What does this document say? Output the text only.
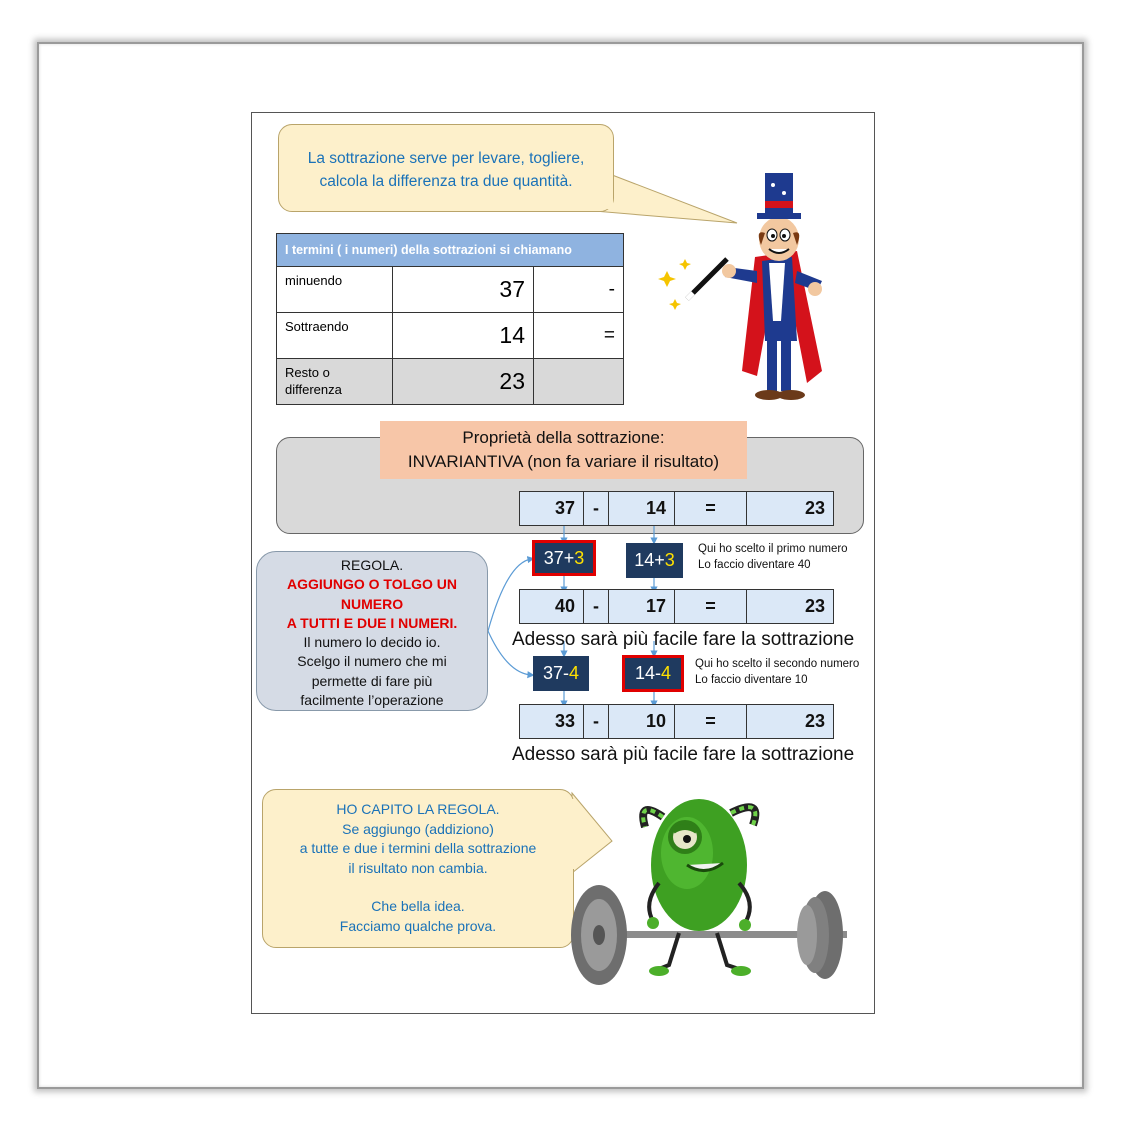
La sottrazione serve per levare, togliere,

calcola la differenza tra due quantità.

I termini ( i numeri) della sottrazioni si chiamano		
minuendo	37	-
Sottraendo	14	=
Resto o differenza	23	
Proprietà della sottrazione:
INVARIANTIVA (non fa variare il risultato)
37	-	14	=	23
37+ 3	14+ 3
Qui ho scelto il primo numero
Lo faccio diventare 40
40	-	17	=	23
Adesso sarà più facile fare la sottrazione
37- 4	14- 4 Qui ho scelto il secondo numero
Lo faccio diventare 10
33	-	10	=	23
Adesso sarà più facile fare la sottrazione
REGOLA.
AGGIUNGO O TOLGO UN
NUMERO
A TUTTI E DUE I NUMERI.
Il numero lo decido io.
Scelgo il numero che mi
permette di fare più
facilmente l’operazione

HO CAPITO LA REGOLA.

Se aggiungo (addiziono)

a tutte e due i termini della sottrazione

il risultato non cambia.

Che bella idea.

Facciamo qualche prova.
